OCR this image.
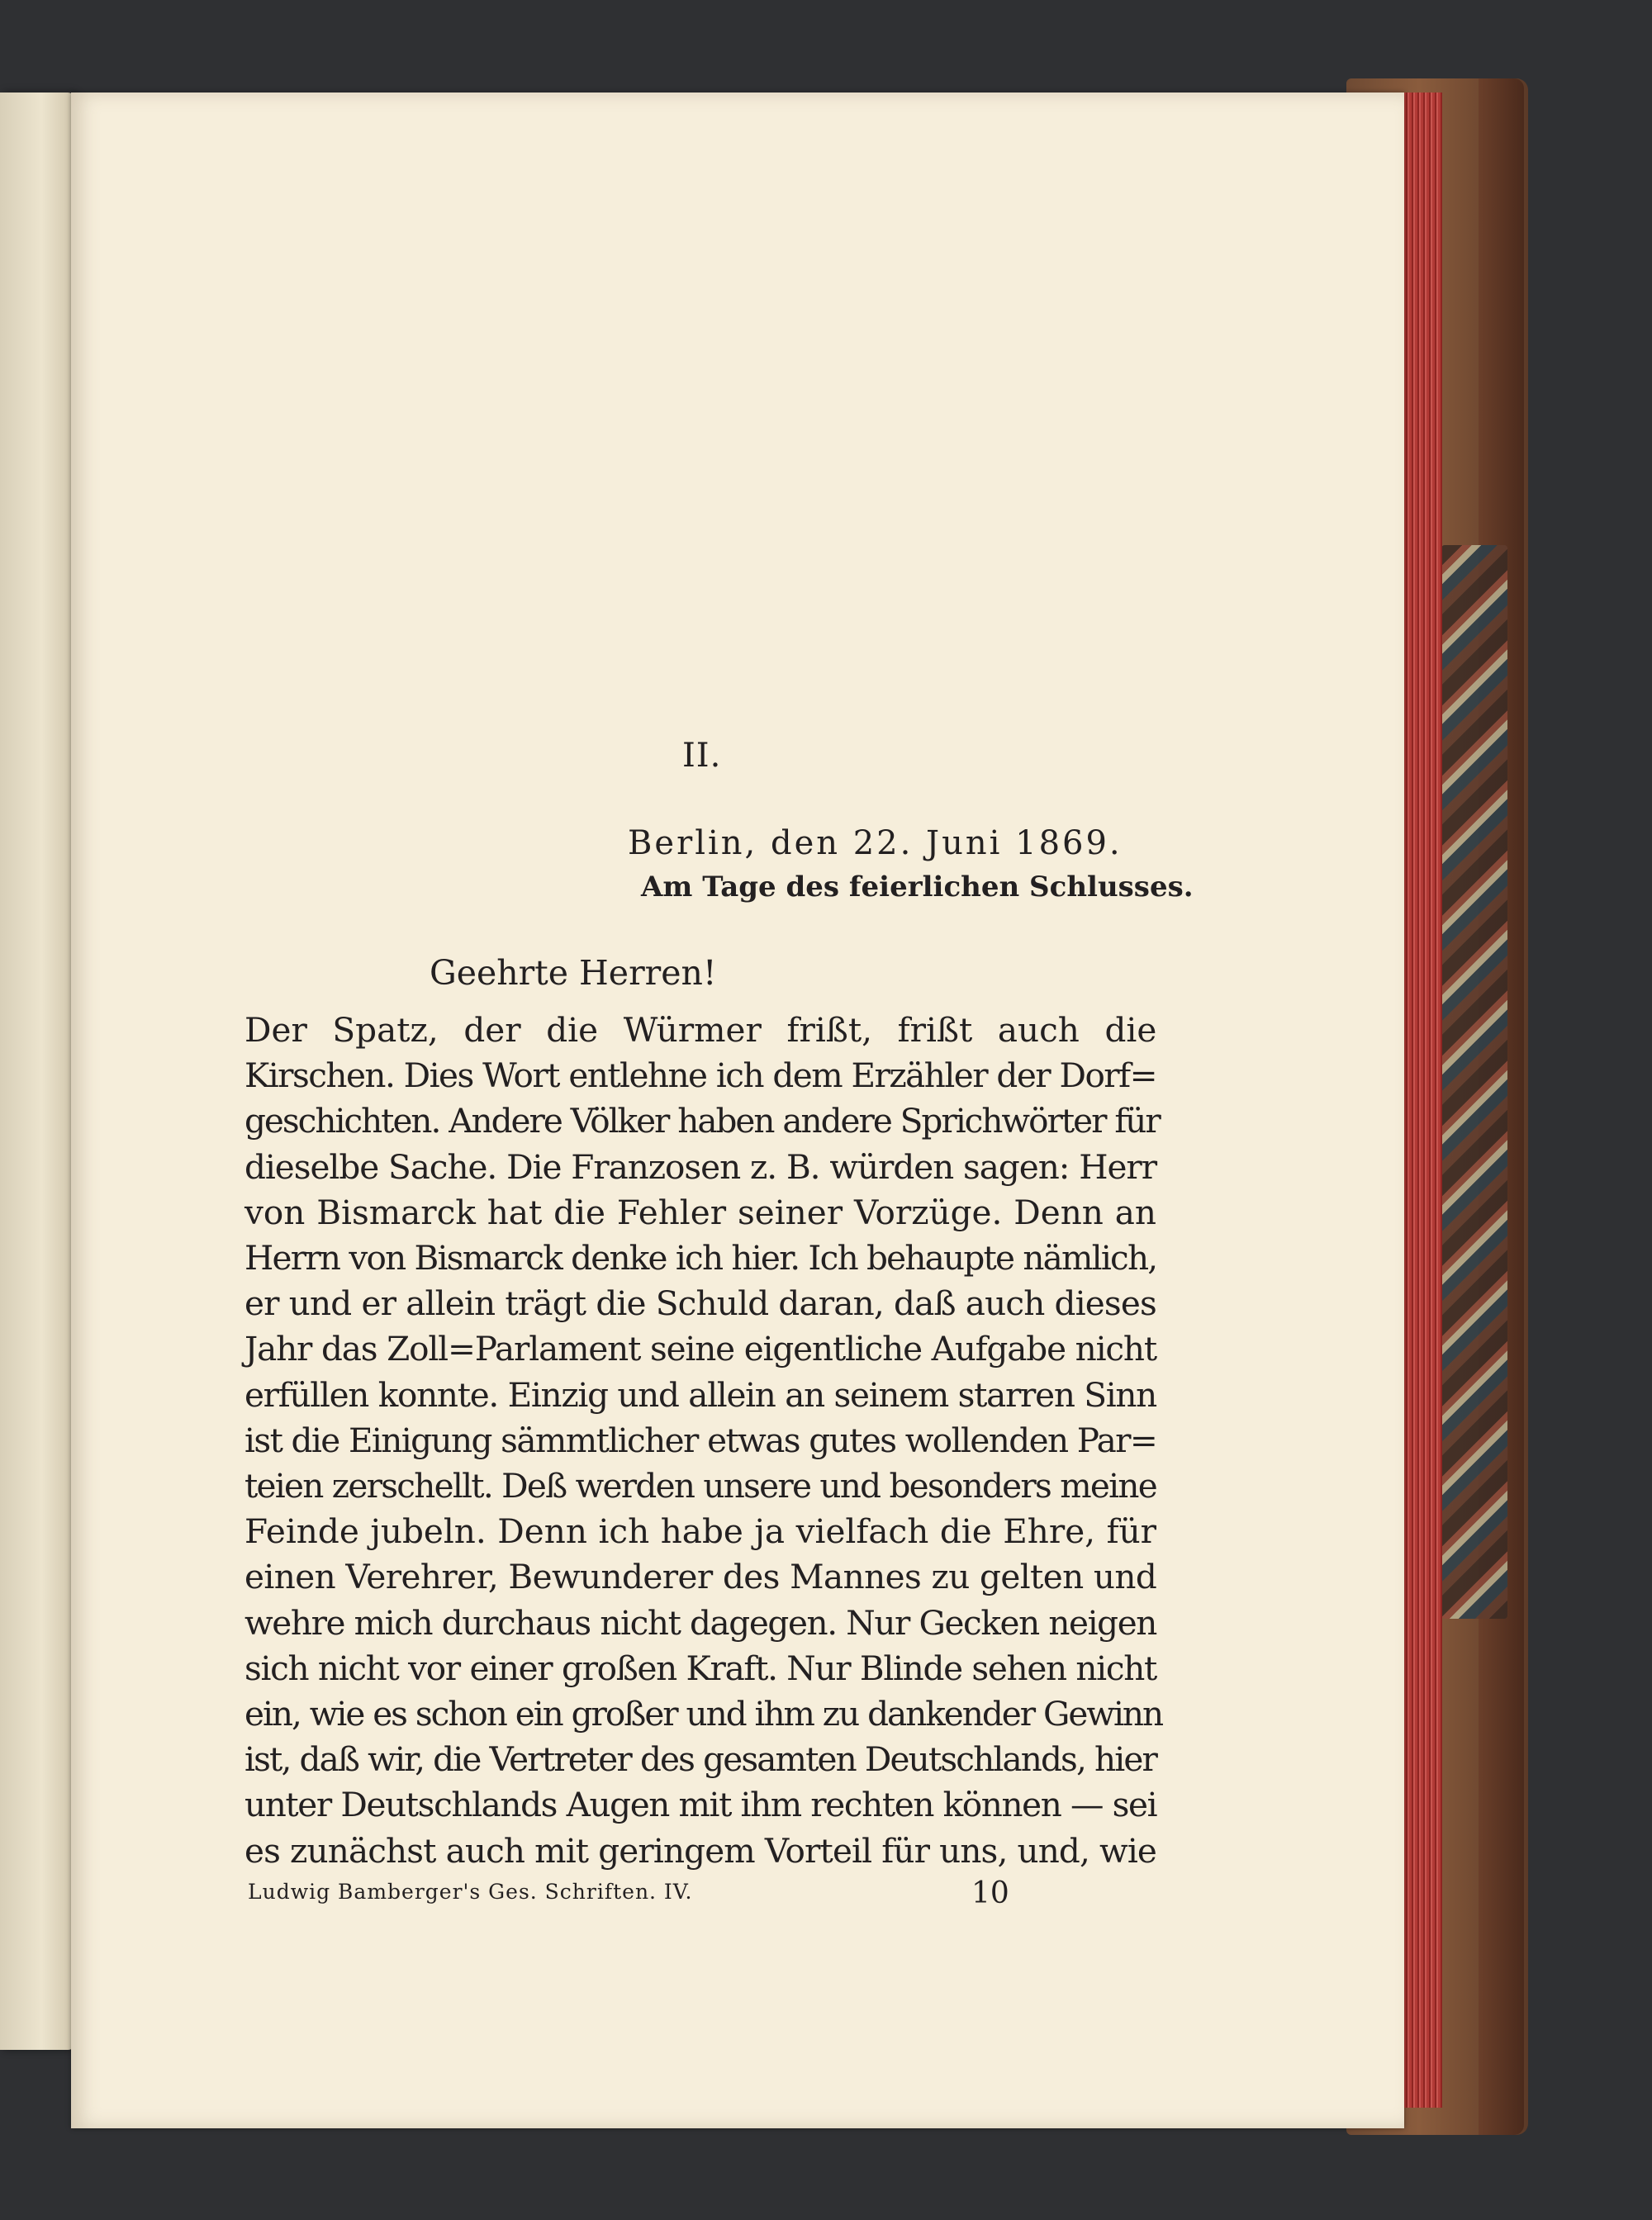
II.
Berlin, den 22. Juni 1869.
Am Tage des feierlichen Schlusses.
Geehrte Herren!
Der Spatz, der die Würmer frißt, frißt auch die
Kirschen. Dies Wort entlehne ich dem Erzähler der Dorf=
geschichten. Andere Völker haben andere Sprichwörter für
dieselbe Sache. Die Franzosen z. B. würden sagen: Herr
von Bismarck hat die Fehler seiner Vorzüge. Denn an
Herrn von Bismarck denke ich hier. Ich behaupte nämlich,
er und er allein trägt die Schuld daran, daß auch dieses
Jahr das Zoll=Parlament seine eigentliche Aufgabe nicht
erfüllen konnte. Einzig und allein an seinem starren Sinn
ist die Einigung sämmtlicher etwas gutes wollenden Par=
teien zerschellt. Deß werden unsere und besonders meine
Feinde jubeln. Denn ich habe ja vielfach die Ehre, für
einen Verehrer, Bewunderer des Mannes zu gelten und
wehre mich durchaus nicht dagegen. Nur Gecken neigen
sich nicht vor einer großen Kraft. Nur Blinde sehen nicht
ein, wie es schon ein großer und ihm zu dankender Gewinn
ist, daß wir, die Vertreter des gesamten Deutschlands, hier
unter Deutschlands Augen mit ihm rechten können — sei
es zunächst auch mit geringem Vorteil für uns, und, wie
Ludwig Bamberger's Ges. Schriften. IV.	10
